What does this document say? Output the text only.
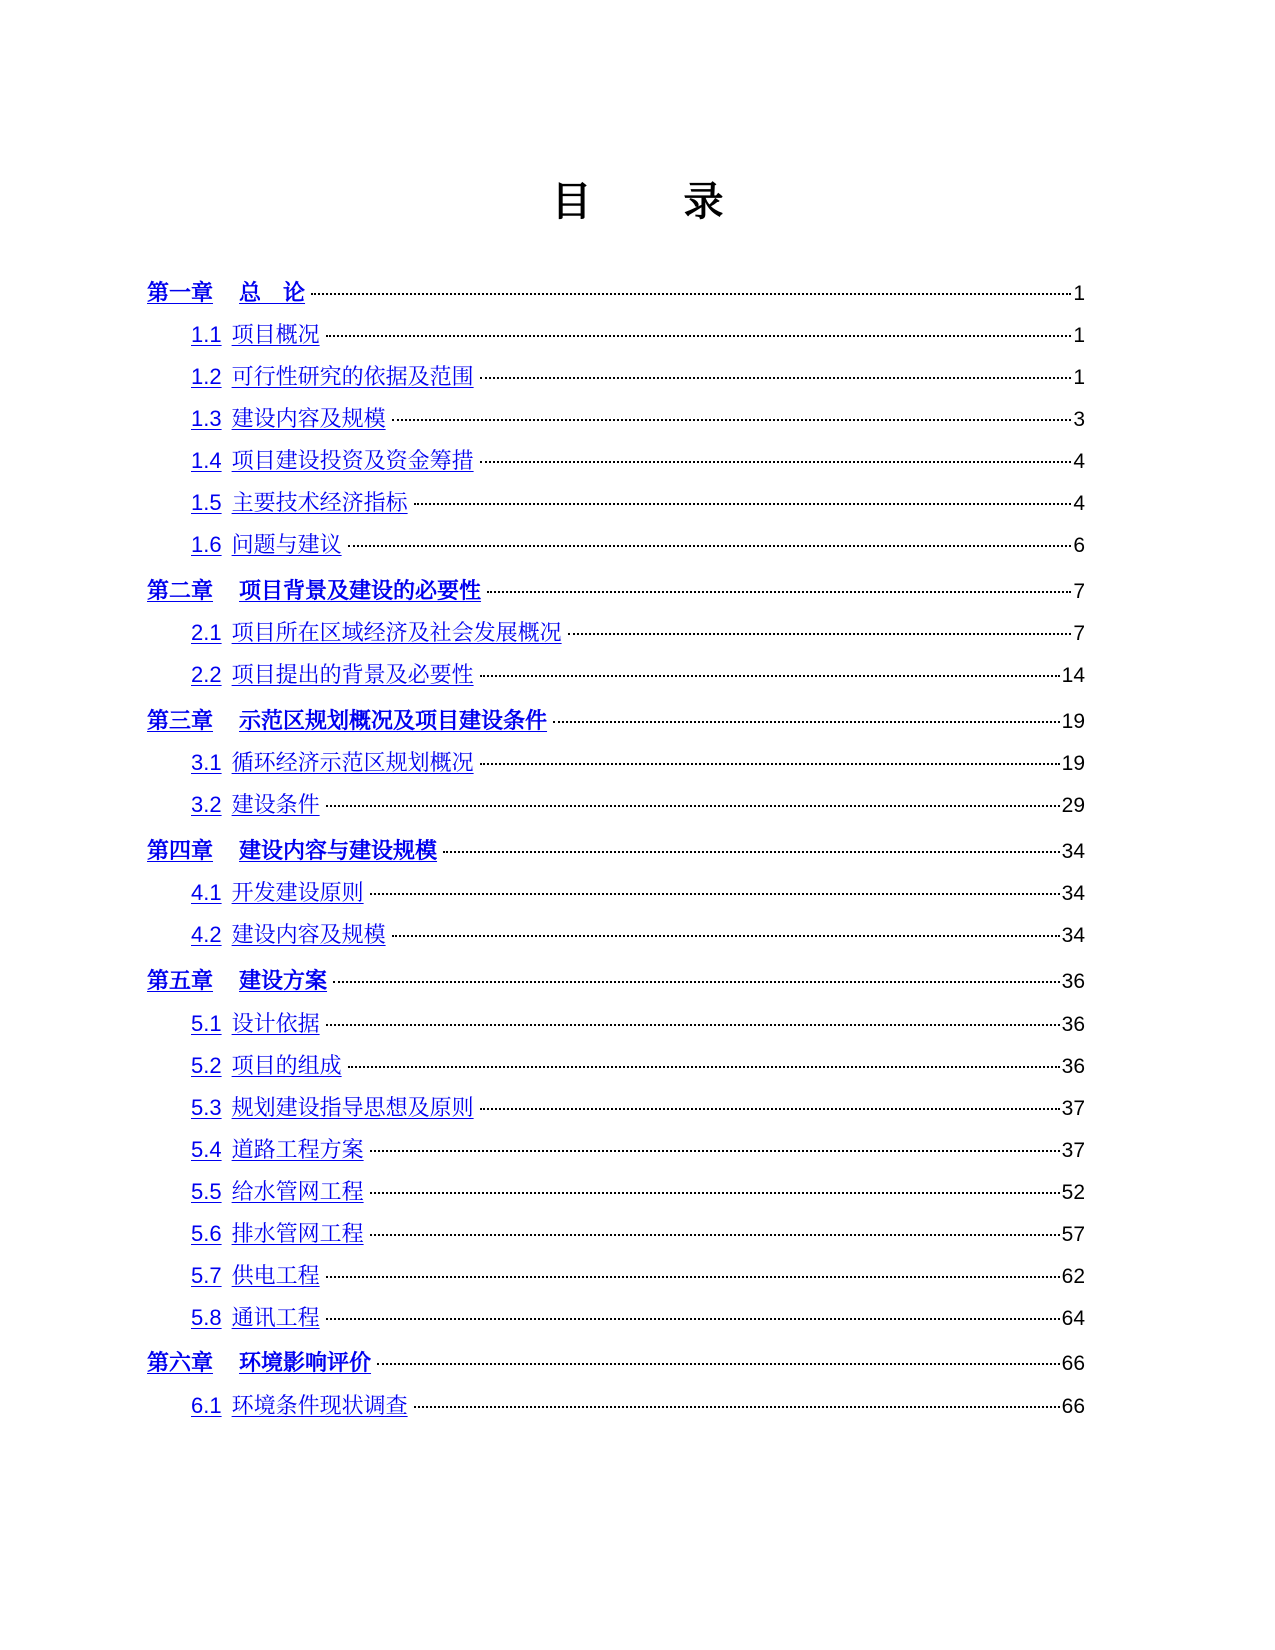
目 录
第一章 总　论	1
1.1 项目概况	1
1.2 可行性研究的依据及范围	1
1.3 建设内容及规模	3
1.4 项目建设投资及资金筹措	4
1.5 主要技术经济指标	4
1.6 问题与建议	6
第二章 项目背景及建设的必要性	7
2.1 项目所在区域经济及社会发展概况	7
2.2 项目提出的背景及必要性	14
第三章 示范区规划概况及项目建设条件	19
3.1 循环经济示范区规划概况	19
3.2 建设条件	29
第四章 建设内容与建设规模	34
4.1 开发建设原则	34
4.2 建设内容及规模	34
第五章 建设方案	36
5.1 设计依据	36
5.2 项目的组成	36
5.3 规划建设指导思想及原则	37
5.4 道路工程方案	37
5.5 给水管网工程	52
5.6 排水管网工程	57
5.7 供电工程	62
5.8 通讯工程	64
第六章 环境影响评价	66
6.1 环境条件现状调查	66
